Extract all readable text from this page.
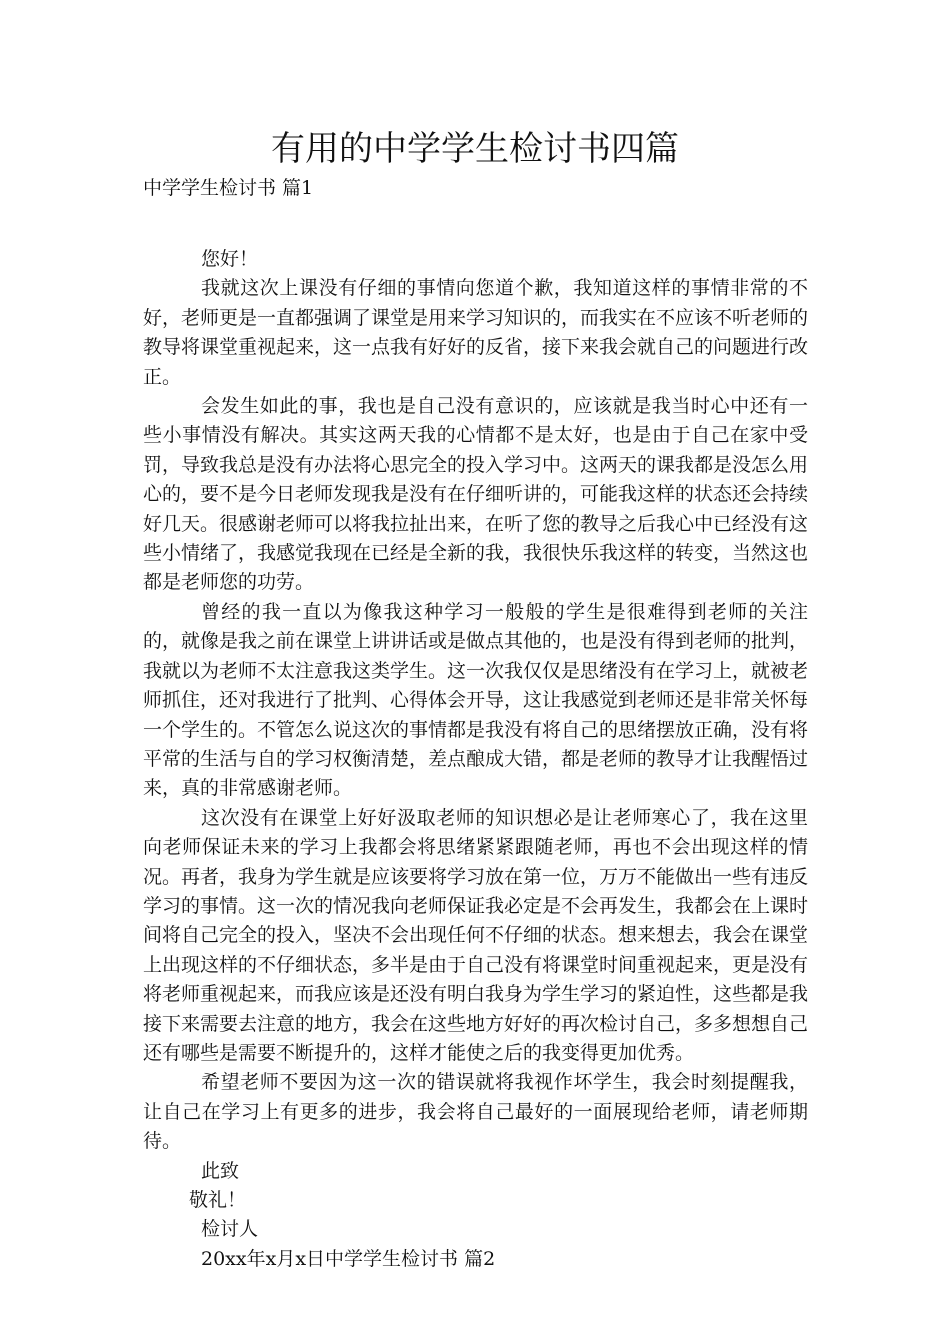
有用的中学学生检讨书四篇
中学学生检讨书 篇1

您好！

我就这次上课没有仔细的事情向您道个歉，我知道这样的事情非常的不好，老师更是一直都强调了课堂是用来学习知识的，而我实在不应该不听老师的教导将课堂重视起来，这一点我有好好的反省，接下来我会就自己的问题进行改正。

会发生如此的事，我也是自己没有意识的，应该就是我当时心中还有一些小事情没有解决。其实这两天我的心情都不是太好，也是由于自己在家中受罚，导致我总是没有办法将心思完全的投入学习中。这两天的课我都是没怎么用心的，要不是今日老师发现我是没有在仔细听讲的，可能我这样的状态还会持续好几天。很感谢老师可以将我拉扯出来，在听了您的教导之后我心中已经没有这些小情绪了，我感觉我现在已经是全新的我，我很快乐我这样的转变，当然这也都是老师您的功劳。

曾经的我一直以为像我这种学习一般般的学生是很难得到老师的关注的，就像是我之前在课堂上讲讲话或是做点其他的，也是没有得到老师的批判，我就以为老师不太注意我这类学生。这一次我仅仅是思绪没有在学习上，就被老师抓住，还对我进行了批判、心得体会开导，这让我感觉到老师还是非常关怀每一个学生的。不管怎么说这次的事情都是我没有将自己的思绪摆放正确，没有将平常的生活与自的学习权衡清楚，差点酿成大错，都是老师的教导才让我醒悟过来，真的非常感谢老师。

这次没有在课堂上好好汲取老师的知识想必是让老师寒心了，我在这里向老师保证未来的学习上我都会将思绪紧紧跟随老师，再也不会出现这样的情况。再者，我身为学生就是应该要将学习放在第一位，万万不能做出一些有违反学习的事情。这一次的情况我向老师保证我必定是不会再发生，我都会在上课时间将自己完全的投入，坚决不会出现任何不仔细的状态。想来想去，我会在课堂上出现这样的不仔细状态，多半是由于自己没有将课堂时间重视起来，更是没有将老师重视起来，而我应该是还没有明白我身为学生学习的紧迫性，这些都是我接下来需要去注意的地方，我会在这些地方好好的再次检讨自己，多多想想自己还有哪些是需要不断提升的，这样才能使之后的我变得更加优秀。

希望老师不要因为这一次的错误就将我视作坏学生，我会时刻提醒我，让自己在学习上有更多的进步，我会将自己最好的一面展现给老师，请老师期待。

此致

敬礼！

检讨人

20xx年x月x日中学学生检讨书 篇2
